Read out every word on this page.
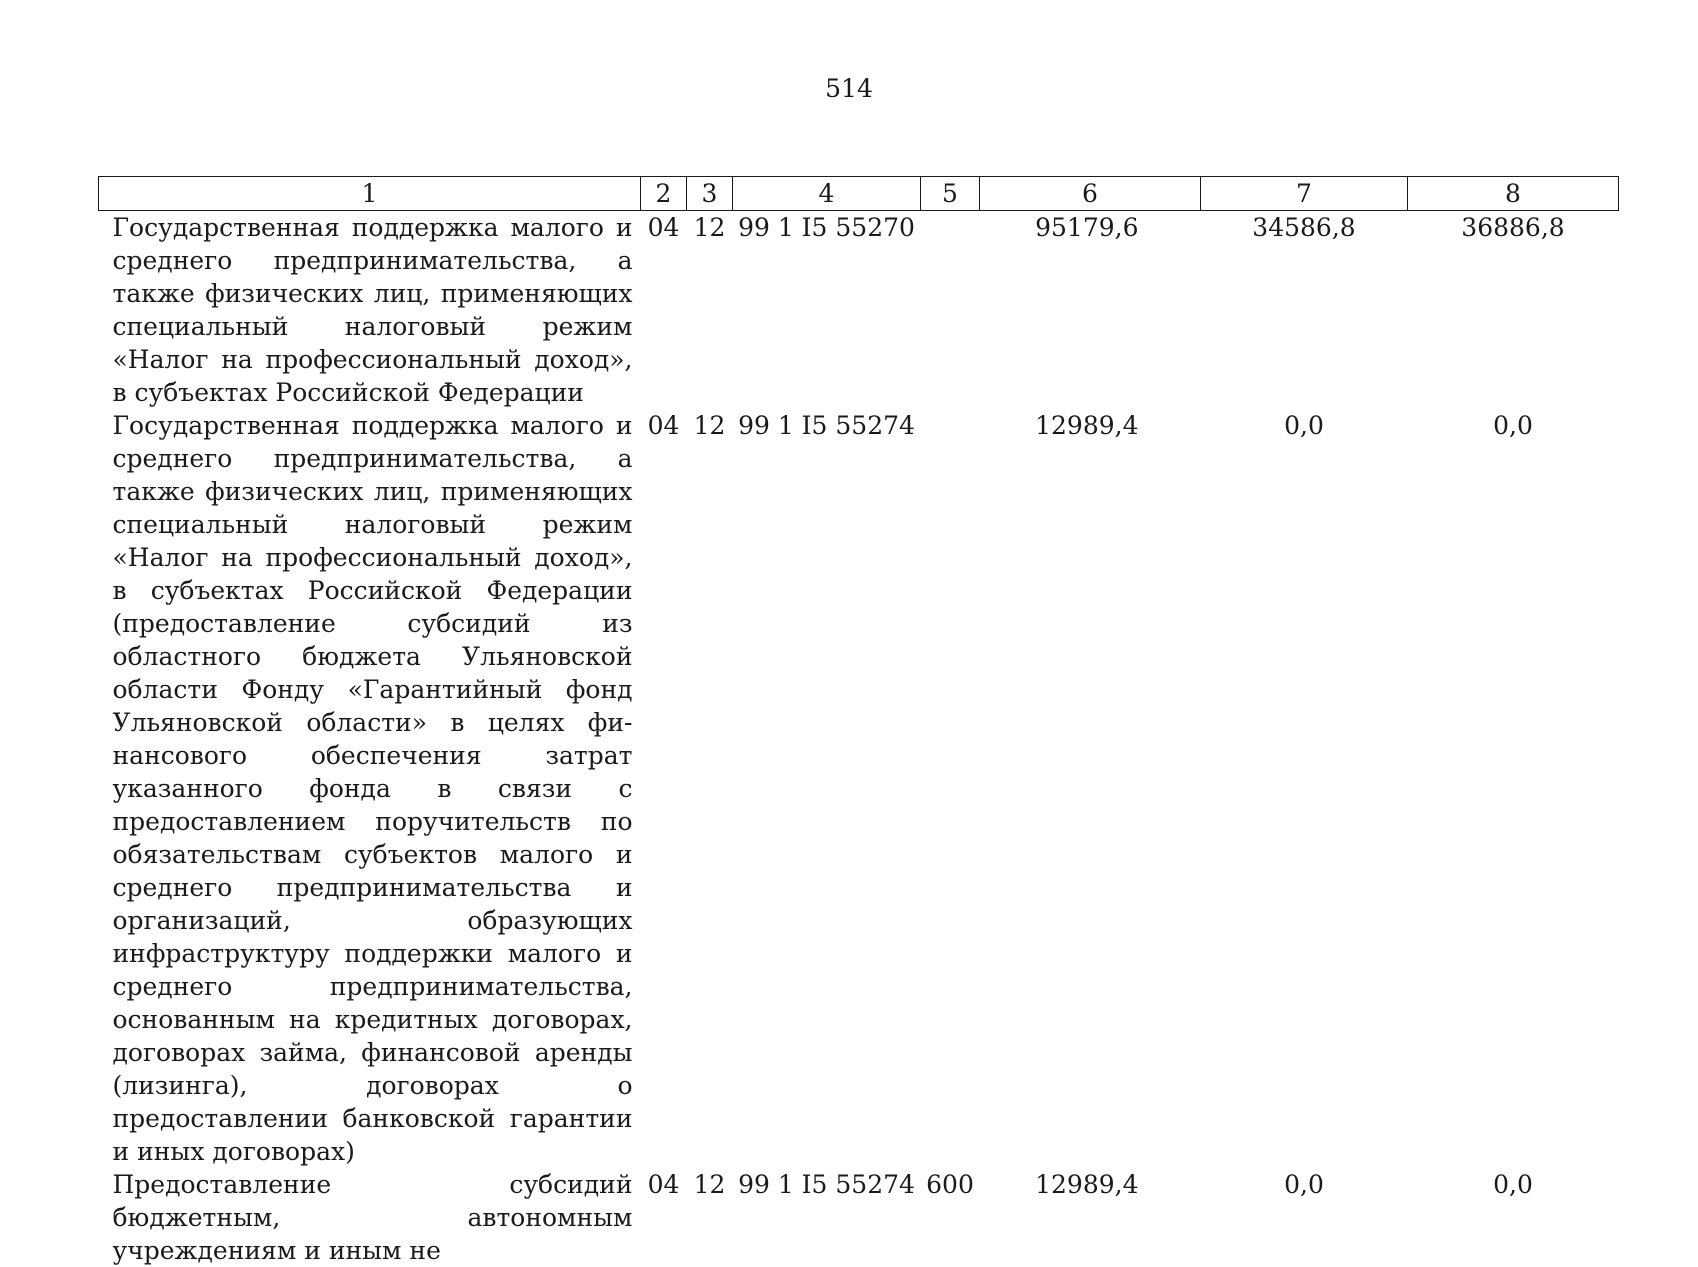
514
1	2	3	4	5	6	7	8
Государственная поддержка малого и среднего предпринимательства, а также физических лиц, применяющих специальный налоговый режим «Налог на профессиональный доход», в субъектах Российской Федерации	04	12	99 1 I5 55270		95179,6	34586,8	36886,8
Государственная поддержка малого и среднего предпринимательства, а также физических лиц, применяющих специальный налоговый режим «Налог на профессиональный доход», в субъектах Российской Федерации (предоставление субсидий из областного бюджета Ульяновской области Фонду «Гарантийный фонд Ульяновской области» в целях финансового обеспечения затрат указанного фонда в связи с предоставлением поручительств по обязательствам субъектов малого и среднего предпринимательства и организаций, образующих инфраструктуру поддержки малого и среднего предпринимательства, основанным на кредитных договорах, договорах займа, финансовой аренды (лизинга), договорах о предоставлении банковской гарантии и иных договорах)	04	12	99 1 I5 55274		12989,4	0,0	0,0
Предоставление субсидий бюджетным, автономным учреждениям и иным не	04	12	99 1 I5 55274	600	12989,4	0,0	0,0
